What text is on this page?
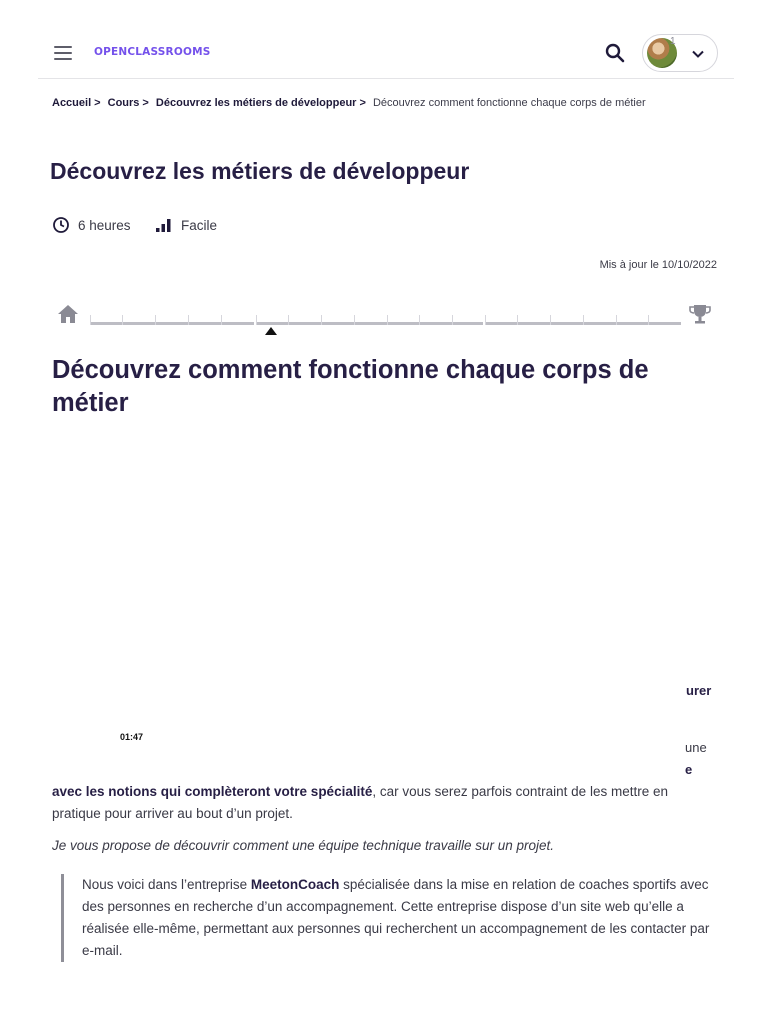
OPENCLASSROOMS
1
Accueil > Cours > Découvrez les métiers de développeur > Découvrez comment fonctionne chaque corps de métier
Découvrez les métiers de développeur
6 heures	Facile
Mis à jour le 10/10/2022
Découvrez comment fonctionne chaque corps de métier
01:47
urer
une
e

avec les notions qui complèteront votre spécialité, car vous serez parfois contraint de les mettre en pratique pour arriver au bout d’un projet.

Je vous propose de découvrir comment une équipe technique travaille sur un projet.

Nous voici dans l’entreprise MeetonCoach spécialisée dans la mise en relation de coaches sportifs avec des personnes en recherche d’un accompagnement. Cette entreprise dispose d’un site web qu’elle a réalisée elle-même, permettant aux personnes qui recherchent un accompagnement de les contacter par e-mail.
